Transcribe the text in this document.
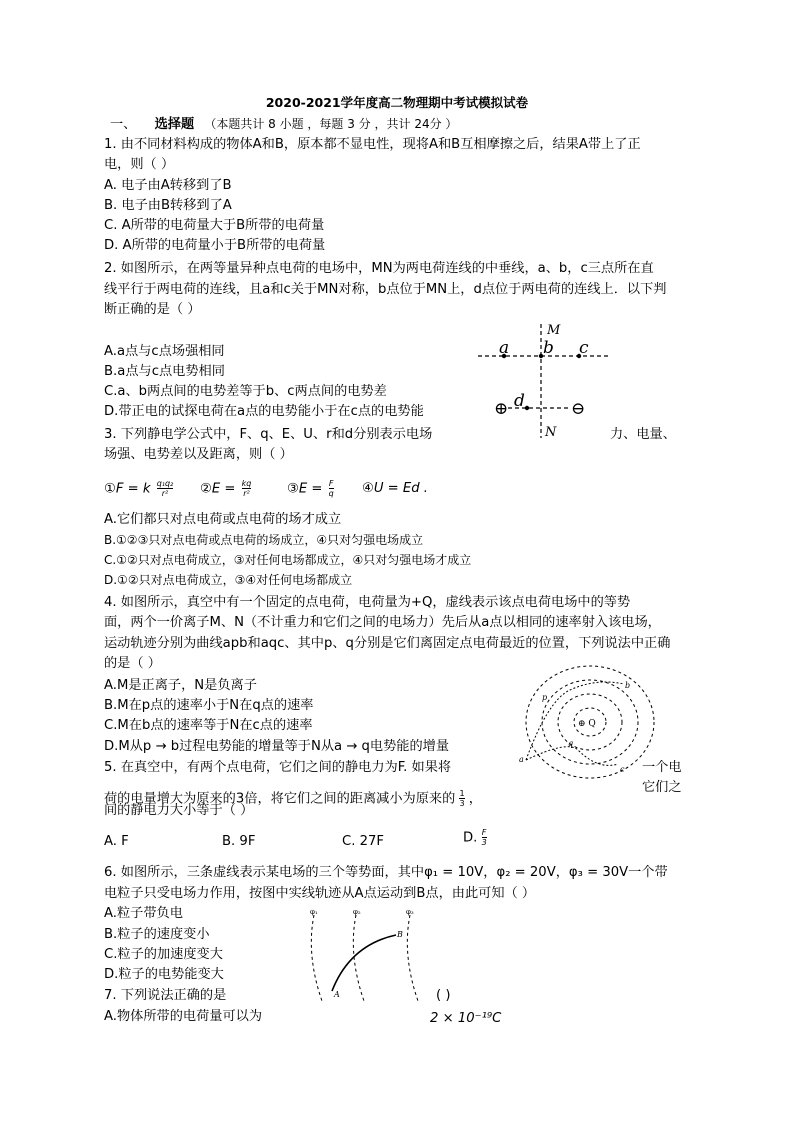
2020-2021学年度高二物理期中考试模拟试卷
一、 选择题 （本题共计 8 小题 ，每题 3 分 ，共计 24分 ）
1. 由不同材料构成的物体A和B，原本都不显电性，现将A和B互相摩擦之后，结果A带上了正
电，则（ ）
A. 电子由A转移到了B
B. 电子由B转移到了A
C. A所带的电荷量大于B所带的电荷量
D. A所带的电荷量小于B所带的电荷量
2. 如图所示，在两等量异种点电荷的电场中，MN为两电荷连线的中垂线，a、b，c三点所在直
线平行于两电荷的连线，且a和c关于MN对称，b点位于MN上，d点位于两电荷的连线上．以下判
断正确的是（ ）
A.a点与c点场强相同
B.a点与c点电势相同
C.a、b两点间的电势差等于b、c两点间的电势差
D.带正电的试探电荷在a点的电势能小于在c点的电势能
M
N
a b c
d
⊕	⊖
3. 下列静电学公式中，F、q、E、U、r和d分别表示电场	力、电量、
场强、电势差以及距离，则（ ）
①F = k $\frac{\text{q₁q₂}}{\text{r²}}$ ②E = $\frac{kq}{\text{r²}}$	③E = $\frac{F}{q}$ ④U = Ed .
A.它们都只对点电荷或点电荷的场才成立
B.①②③只对点电荷或点电荷的场成立，④只对匀强电场成立
C.①②只对点电荷成立，③对任何电场都成立，④只对匀强电场才成立
D.①②只对点电荷成立，③④对任何电场都成立
4. 如图所示，真空中有一个固定的点电荷，电荷量为+Q，虚线表示该点电荷电场中的等势
面，两个一价离子M、N（不计重力和它们之间的电场力）先后从a点以相同的速率射入该电场，
运动轨迹分别为曲线apb和aqc、其中p、q分别是它们离固定点电荷最近的位置，下列说法中正确
的是（ ）
A.M是正离子，N是负离子
B.M在p点的速率小于N在q点的速率
C.M在b点的速率等于N在c点的速率
D.M从p → b过程电势能的增量等于N从a → q电势能的增量
⊕ Q
a
b
c
p
q
5. 在真空中，有两个点电荷，它们之间的静电力为F. 如果将	一个电
它们之
荷的电量增大为原来的3倍，将它们之间的距离减小为原来的 $\frac{1}{3}$ ，
间的静电力大小等于（ ）
A. F	B. 9F	C. 27F	D. $\frac{F}{3}$
6. 如图所示，三条虚线表示某电场的三个等势面，其中φ₁ = 10V，φ₂ = 20V，φ₃ = 30V一个带
电粒子只受电场力作用，按图中实线轨迹从A点运动到B点，由此可知（ ）
A.粒子带负电
B.粒子的速度变小
C.粒子的加速度变大
D.粒子的电势能变大
φ₁	φ₂	φ₃
A
B
7. 下列说法正确的是	( )
A.物体所带的电荷量可以为	2 × 10⁻¹⁹C
